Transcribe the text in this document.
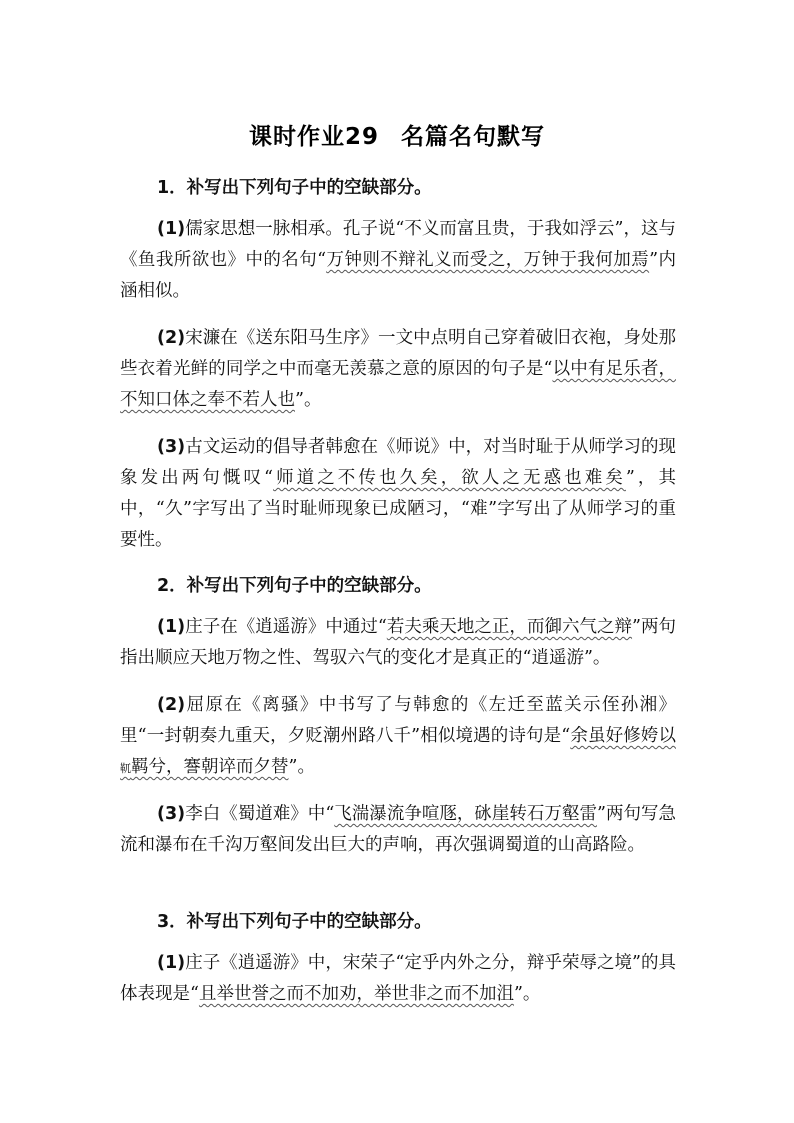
课时作业29 名篇名句默写

1．补写出下列句子中的空缺部分。

(1)儒家思想一脉相承。孔子说“不义而富且贵，于我如浮云”，这与《鱼我所欲也》中的名句“万钟则不辩礼义而受之，万钟于我何加焉”内涵相似。

(2)宋濂在《送东阳马生序》一文中点明自己穿着破旧衣袍，身处那些衣着光鲜的同学之中而毫无羡慕之意的原因的句子是“以中有足乐者，不知口体之奉不若人也”。

(3)古文运动的倡导者韩愈在《师说》中，对当时耻于从师学习的现象发出两句慨叹“师道之不传也久矣，欲人之无惑也难矣”，其中，“久”字写出了当时耻师现象已成陋习，“难”字写出了从师学习的重要性。

2．补写出下列句子中的空缺部分。

(1)庄子在《逍遥游》中通过“若夫乘天地之正，而御六气之辩”两句指出顺应天地万物之性、驾驭六气的变化才是真正的“逍遥游”。

(2)屈原在《离骚》中书写了与韩愈的《左迁至蓝关示侄孙湘》里“一封朝奏九重天，夕贬潮州路八千”相似境遇的诗句是“余虽好修姱以靰羁兮，謇朝谇而夕替”。

(3)李白《蜀道难》中“飞湍瀑流争喧豗，砯崖转石万壑雷”两句写急流和瀑布在千沟万壑间发出巨大的声响，再次强调蜀道的山高路险。

3．补写出下列句子中的空缺部分。

(1)庄子《逍遥游》中，宋荣子“定乎内外之分，辩乎荣辱之境”的具体表现是“且举世誉之而不加劝，举世非之而不加沮”。
